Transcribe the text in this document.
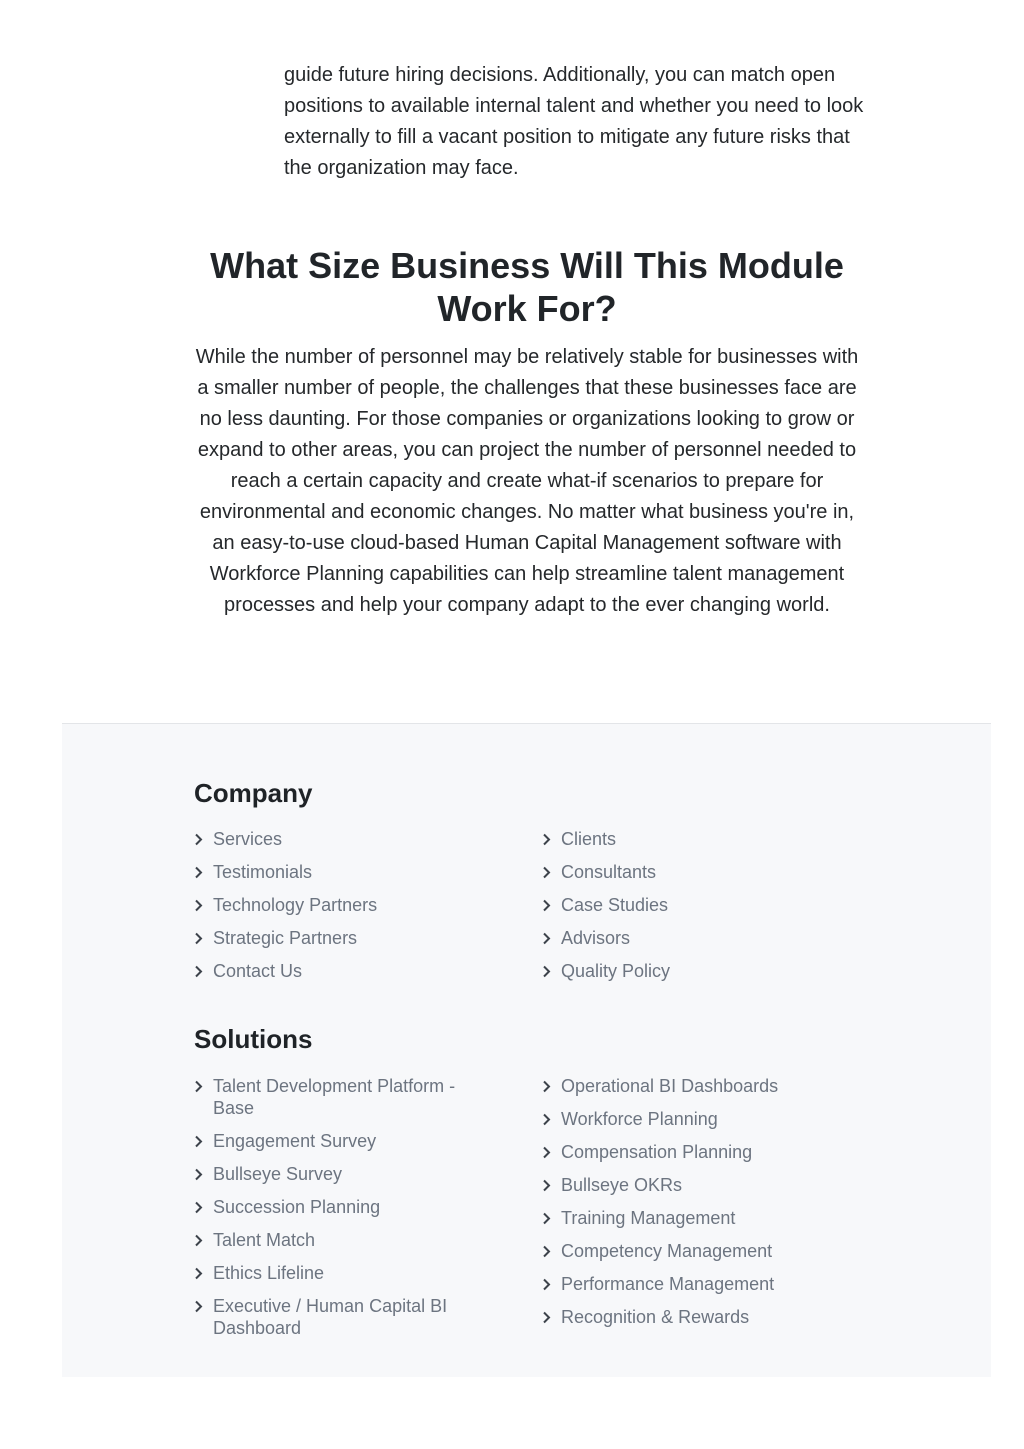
guide future hiring decisions. Additionally, you can match open positions to available internal talent and whether you need to look externally to fill a vacant position to mitigate any future risks that the organization may face.

What Size Business Will This Module Work For?

While the number of personnel may be relatively stable for businesses with a smaller number of people, the challenges that these businesses face are no less daunting. For those companies or organizations looking to grow or expand to other areas, you can project the number of personnel needed to reach a certain capacity and create what-if scenarios to prepare for environmental and economic changes. No matter what business you're in, an easy-to-use cloud-based Human Capital Management software with Workforce Planning capabilities can help streamline talent management processes and help your company adapt to the ever changing world.

Company
Services
Testimonials
Technology Partners
Strategic Partners
Contact Us
Clients
Consultants
Case Studies
Advisors
Quality Policy
Solutions
Talent Development Platform - Base
Engagement Survey
Bullseye Survey
Succession Planning
Talent Match
Ethics Lifeline
Executive / Human Capital BI Dashboard
Operational BI Dashboards
Workforce Planning
Compensation Planning
Bullseye OKRs
Training Management
Competency Management
Performance Management
Recognition & Rewards
